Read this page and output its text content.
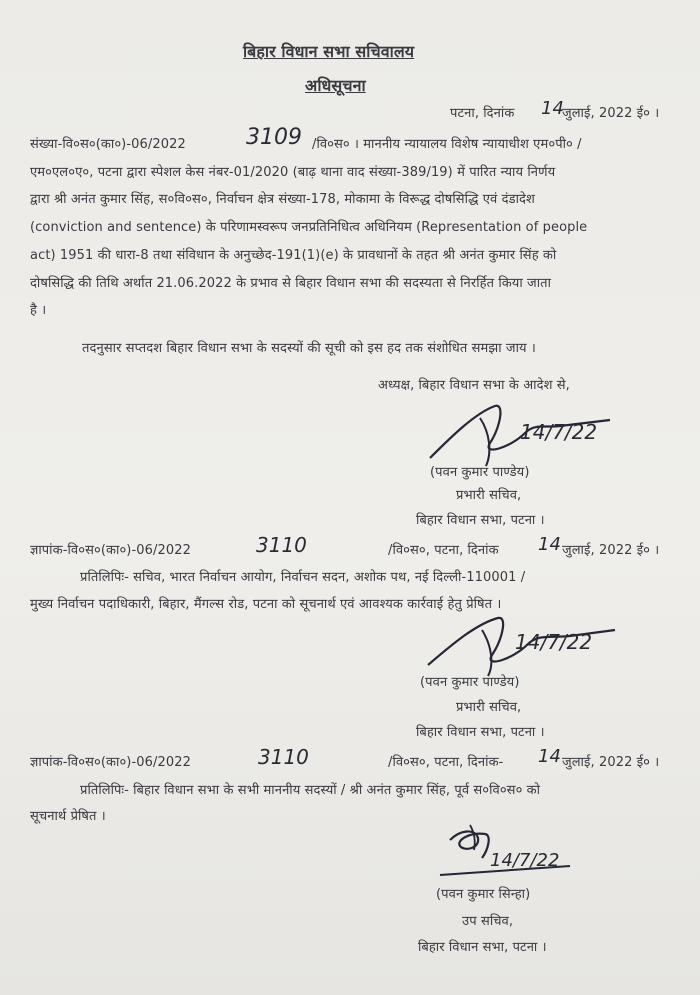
बिहार विधान सभा सचिवालय
अधिसूचना
पटना, दिनांक 14
जुलाई, 2022 ई० ।
संख्या-वि०स०(का०)-06/2022	3109 /वि०स० । माननीय न्यायालय विशेष न्यायाधीश एम०पी० /
एम०एल०ए०, पटना द्वारा स्पेशल केस नंबर-01/2020 (बाढ़ थाना वाद संख्या-389/19) में पारित न्याय निर्णय
द्वारा श्री अनंत कुमार सिंह, स०वि०स०, निर्वाचन क्षेत्र संख्या-178, मोकामा के विरूद्ध दोषसिद्धि एवं दंडादेश
(conviction and sentence) के परिणामस्वरूप जनप्रतिनिधित्व अधिनियम (Representation of people
act) 1951 की धारा-8 तथा संविधान के अनुच्छेद-191(1)(e) के प्रावधानों के तहत श्री अनंत कुमार सिंह को
दोषसिद्धि की तिथि अर्थात 21.06.2022 के प्रभाव से बिहार विधान सभा की सदस्यता से निरर्हित किया जाता
है ।
तदनुसार सप्तदश बिहार विधान सभा के सदस्यों की सूची को इस हद तक संशोधित समझा जाय ।
अध्यक्ष, बिहार विधान सभा के आदेश से,
14/7/22
(पवन कुमार पाण्डेय)
प्रभारी सचिव,
बिहार विधान सभा, पटना ।
ज्ञापांक-वि०स०(का०)-06/2022	3110	/वि०स०, पटना, दिनांक 14 जुलाई, 2022 ई० ।
प्रतिलिपिः- सचिव, भारत निर्वाचन आयोग, निर्वाचन सदन, अशोक पथ, नई दिल्ली-110001 /
मुख्य निर्वाचन पदाधिकारी, बिहार, मैंगल्स रोड, पटना को सूचनार्थ एवं आवश्यक कार्रवाई हेतु प्रेषित ।
14/7/22
(पवन कुमार पाण्डेय)
प्रभारी सचिव,
बिहार विधान सभा, पटना ।
ज्ञापांक-वि०स०(का०)-06/2022	3110	/वि०स०, पटना, दिनांक- 14 जुलाई, 2022 ई० ।
प्रतिलिपिः- बिहार विधान सभा के सभी माननीय सदस्यों / श्री अनंत कुमार सिंह, पूर्व स०वि०स० को
सूचनार्थ प्रेषित ।
14/7/22
(पवन कुमार सिन्हा)
उप सचिव,
बिहार विधान सभा, पटना ।
